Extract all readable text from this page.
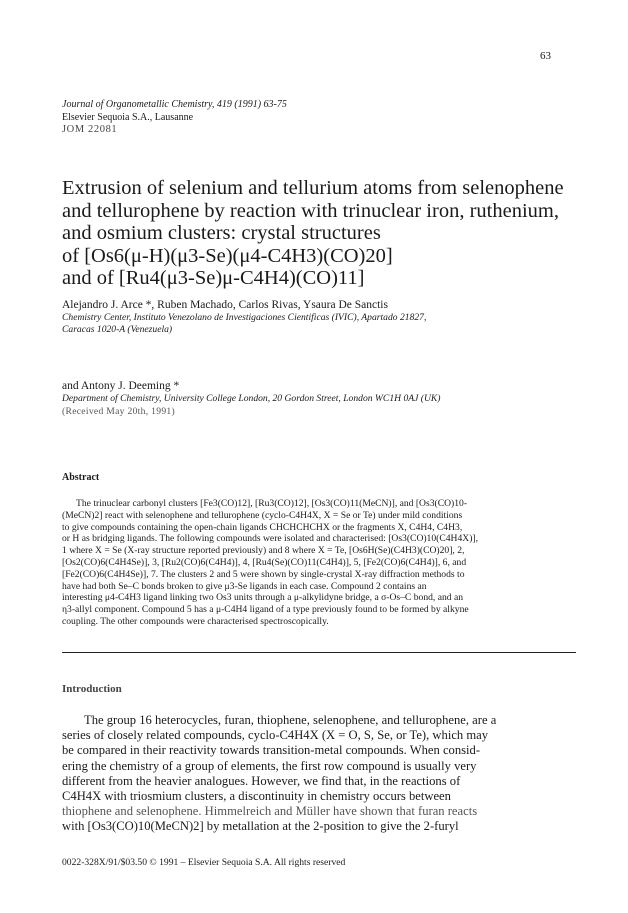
63
Journal of Organometallic Chemistry, 419 (1991) 63-75
Elsevier Sequoia S.A., Lausanne
JOM 22081
Extrusion of selenium and tellurium atoms from selenophene
and tellurophene by reaction with trinuclear iron, ruthenium,
and osmium clusters: crystal structures
of [Os6(μ-H)(μ3-Se)(μ4-C4H3)(CO)20]
and of [Ru4(μ3-Se)μ-C4H4)(CO)11]
Alejandro J. Arce *, Ruben Machado, Carlos Rivas, Ysaura De Sanctis
Chemistry Center, Instituto Venezolano de Investigaciones Cientificas (IVIC), Apartado 21827,
Caracas 1020-A (Venezuela)
and Antony J. Deeming *
Department of Chemistry, University College London, 20 Gordon Street, London WC1H 0AJ (UK)
(Received May 20th, 1991)
Abstract
The trinuclear carbonyl clusters [Fe3(CO)12], [Ru3(CO)12], [Os3(CO)11(MeCN)], and [Os3(CO)10-
(MeCN)2] react with selenophene and tellurophene (cyclo-C4H4X, X = Se or Te) under mild conditions
to give compounds containing the open-chain ligands CHCHCHCHX or the fragments X, C4H4, C4H3,
or H as bridging ligands. The following compounds were isolated and characterised: [Os3(CO)10(C4H4X)],
1 where X = Se (X-ray structure reported previously) and 8 where X = Te, [Os6H(Se)(C4H3)(CO)20], 2,
[Os2(CO)6(C4H4Se)], 3, [Ru2(CO)6(C4H4)], 4, [Ru4(Se)(CO)11(C4H4)], 5, [Fe2(CO)6(C4H4)], 6, and
[Fe2(CO)6(C4H4Se)], 7. The clusters 2 and 5 were shown by single-crystal X-ray diffraction methods to
have had both Se–C bonds broken to give μ3-Se ligands in each case. Compound 2 contains an
interesting μ4-C4H3 ligand linking two Os3 units through a μ-alkylidyne bridge, a σ-Os–C bond, and an
η3-allyl component. Compound 5 has a μ-C4H4 ligand of a type previously found to be formed by alkyne
coupling. The other compounds were characterised spectroscopically.
Introduction
The group 16 heterocycles, furan, thiophene, selenophene, and tellurophene, are a
series of closely related compounds, cyclo-C4H4X (X = O, S, Se, or Te), which may
be compared in their reactivity towards transition-metal compounds. When consid-
ering the chemistry of a group of elements, the first row compound is usually very
different from the heavier analogues. However, we find that, in the reactions of
C4H4X with triosmium clusters, a discontinuity in chemistry occurs between
thiophene and selenophene. Himmelreich and Müller have shown that furan reacts
with [Os3(CO)10(MeCN)2] by metallation at the 2-position to give the 2-furyl
0022-328X/91/$03.50 © 1991 – Elsevier Sequoia S.A. All rights reserved
